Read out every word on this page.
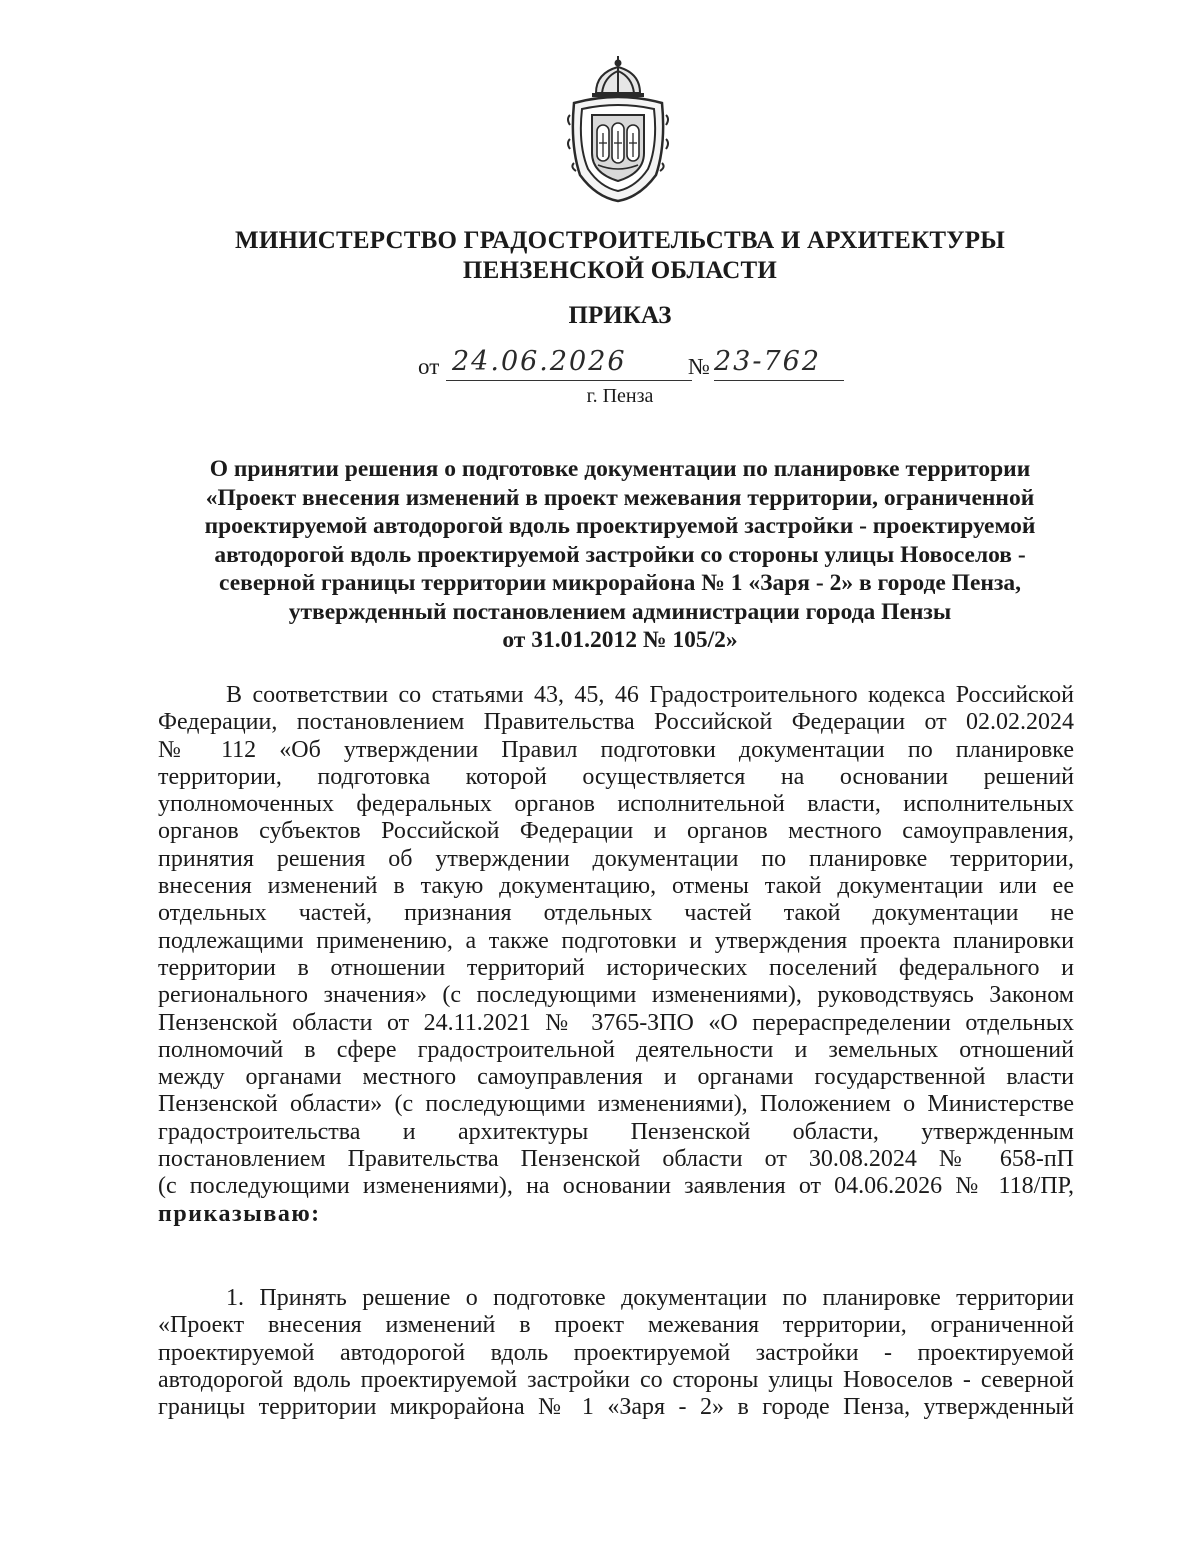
МИНИСТЕРСТВО ГРАДОСТРОИТЕЛЬСТВА И АРХИТЕКТУРЫ
ПЕНЗЕНСКОЙ ОБЛАСТИ
ПРИКАЗ
от 24.06.2026	№ 23-762
г. Пенза
О принятии решения о подготовке документации по планировке территории
«Проект внесения изменений в проект межевания территории, ограниченной
проектируемой автодорогой вдоль проектируемой застройки - проектируемой
автодорогой вдоль проектируемой застройки со стороны улицы Новоселов -
северной границы территории микрорайона № 1 «Заря - 2» в городе Пенза,
утвержденный постановлением администрации города Пензы
от 31.01.2012 № 105/2»
В соответствии со статьями 43, 45, 46 Градостроительного кодекса Российской
Федерации, постановлением Правительства Российской Федерации от 02.02.2024
№ 112 «Об утверждении Правил подготовки документации по планировке
территории, подготовка которой осуществляется на основании решений
уполномоченных федеральных органов исполнительной власти, исполнительных
органов субъектов Российской Федерации и органов местного самоуправления,
принятия решения об утверждении документации по планировке территории,
внесения изменений в такую документацию, отмены такой документации или ее
отдельных частей, признания отдельных частей такой документации не
подлежащими применению, а также подготовки и утверждения проекта планировки
территории в отношении территорий исторических поселений федерального и
регионального значения» (с последующими изменениями), руководствуясь Законом
Пензенской области от 24.11.2021 № 3765-ЗПО «О перераспределении отдельных
полномочий в сфере градостроительной деятельности и земельных отношений
между органами местного самоуправления и органами государственной власти
Пензенской области» (с последующими изменениями), Положением о Министерстве
градостроительства и архитектуры Пензенской области, утвержденным
постановлением Правительства Пензенской области от 30.08.2024 № 658-пП
(с последующими изменениями), на основании заявления от 04.06.2026 № 118/ПР,
приказываю:
1. Принять решение о подготовке документации по планировке территории
«Проект внесения изменений в проект межевания территории, ограниченной
проектируемой автодорогой вдоль проектируемой застройки - проектируемой
автодорогой вдоль проектируемой застройки со стороны улицы Новоселов - северной
границы территории микрорайона № 1 «Заря - 2» в городе Пенза, утвержденный
